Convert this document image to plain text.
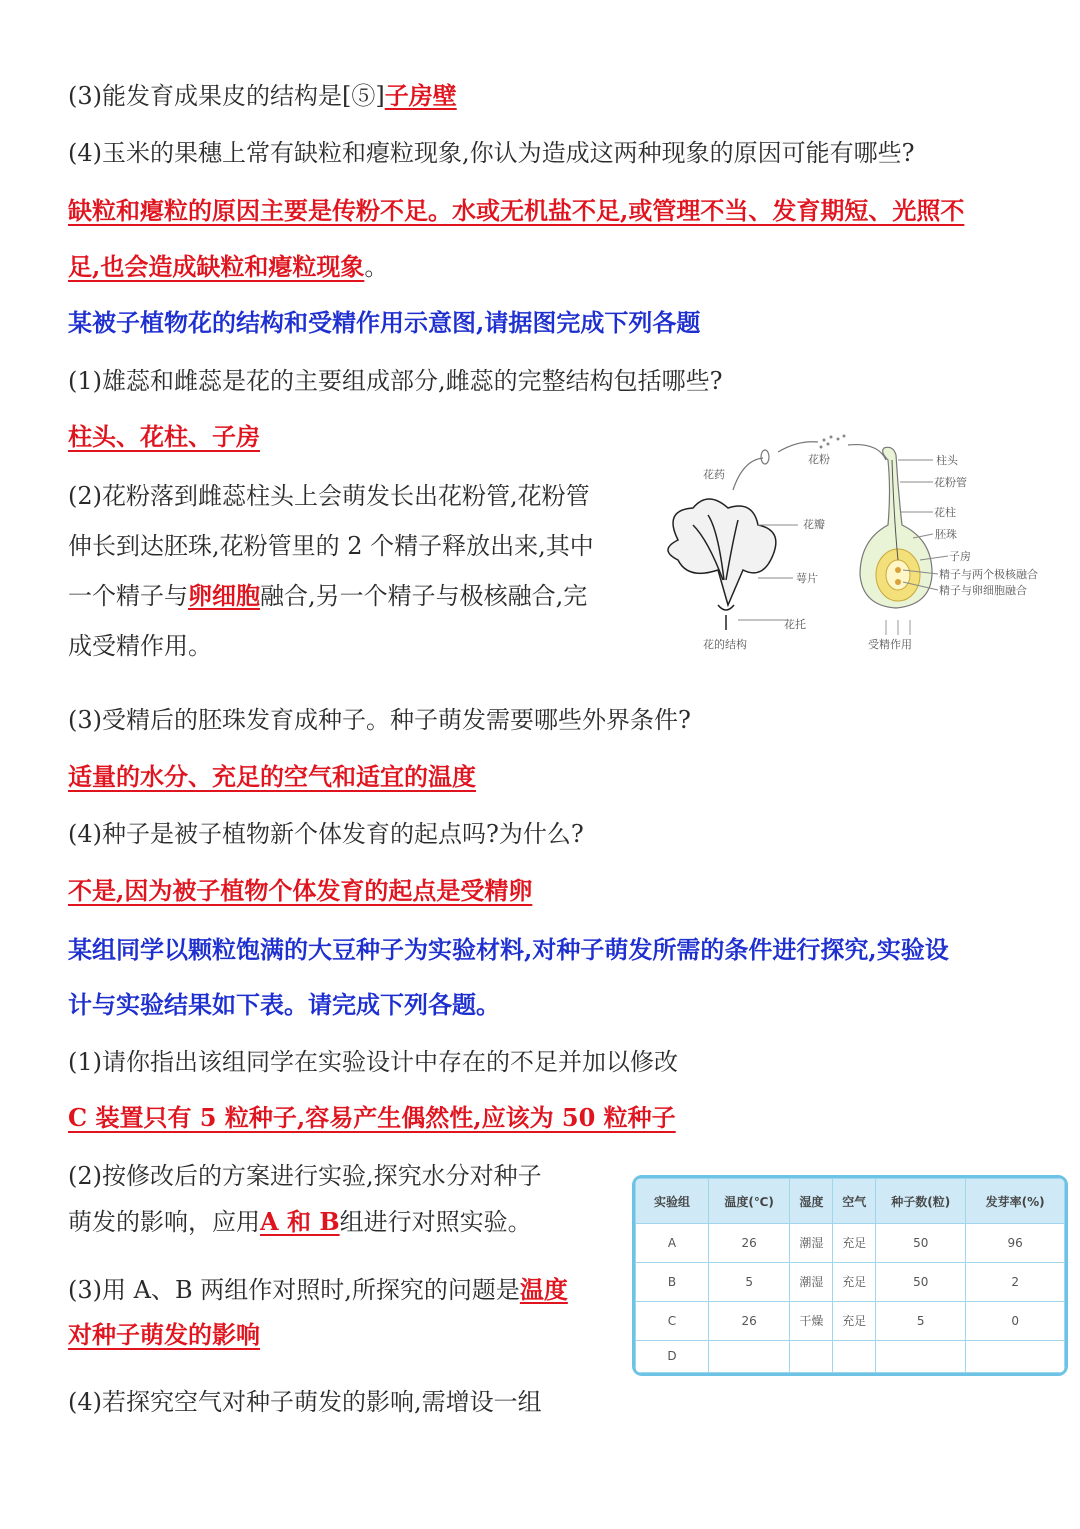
(3)能发育成果皮的结构是[⑤]子房壁
(4)玉米的果穗上常有缺粒和瘪粒现象,你认为造成这两种现象的原因可能有哪些?
缺粒和瘪粒的原因主要是传粉不足。水或无机盐不足,或管理不当、发育期短、光照不
足,也会造成缺粒和瘪粒现象。
某被子植物花的结构和受精作用示意图,请据图完成下列各题
(1)雄蕊和雌蕊是花的主要组成部分,雌蕊的完整结构包括哪些?
柱头、花柱、子房
(2)花粉落到雌蕊柱头上会萌发长出花粉管,花粉管
伸长到达胚珠,花粉管里的 2 个精子释放出来,其中
一个精子与卵细胞融合,另一个精子与极核融合,完
成受精作用。
(3)受精后的胚珠发育成种子。种子萌发需要哪些外界条件?
适量的水分、充足的空气和适宜的温度
(4)种子是被子植物新个体发育的起点吗?为什么?
不是,因为被子植物个体发育的起点是受精卵
某组同学以颗粒饱满的大豆种子为实验材料,对种子萌发所需的条件进行探究,实验设
计与实验结果如下表。请完成下列各题。
(1)请你指出该组同学在实验设计中存在的不足并加以修改
C 装置只有 5 粒种子,容易产生偶然性,应该为 50 粒种子
(2)按修改后的方案进行实验,探究水分对种子
萌发的影响，应用A 和 B组进行对照实验。
(3)用 A、B 两组作对照时,所探究的问题是温度
对种子萌发的影响
(4)若探究空气对种子萌发的影响,需增设一组
花药
花粉
花瓣
萼片
花托
花的结构
柱头
花粉管
花柱
胚珠
子房
精子与两个极核融合
精子与卵细胞融合
受精作用
实验组	温度(℃)	湿度	空气	种子数(粒)	发芽率(%)
A	26	潮湿	充足	50	96
B	5	潮湿	充足	50	2
C	26	干燥	充足	5	0
D					
